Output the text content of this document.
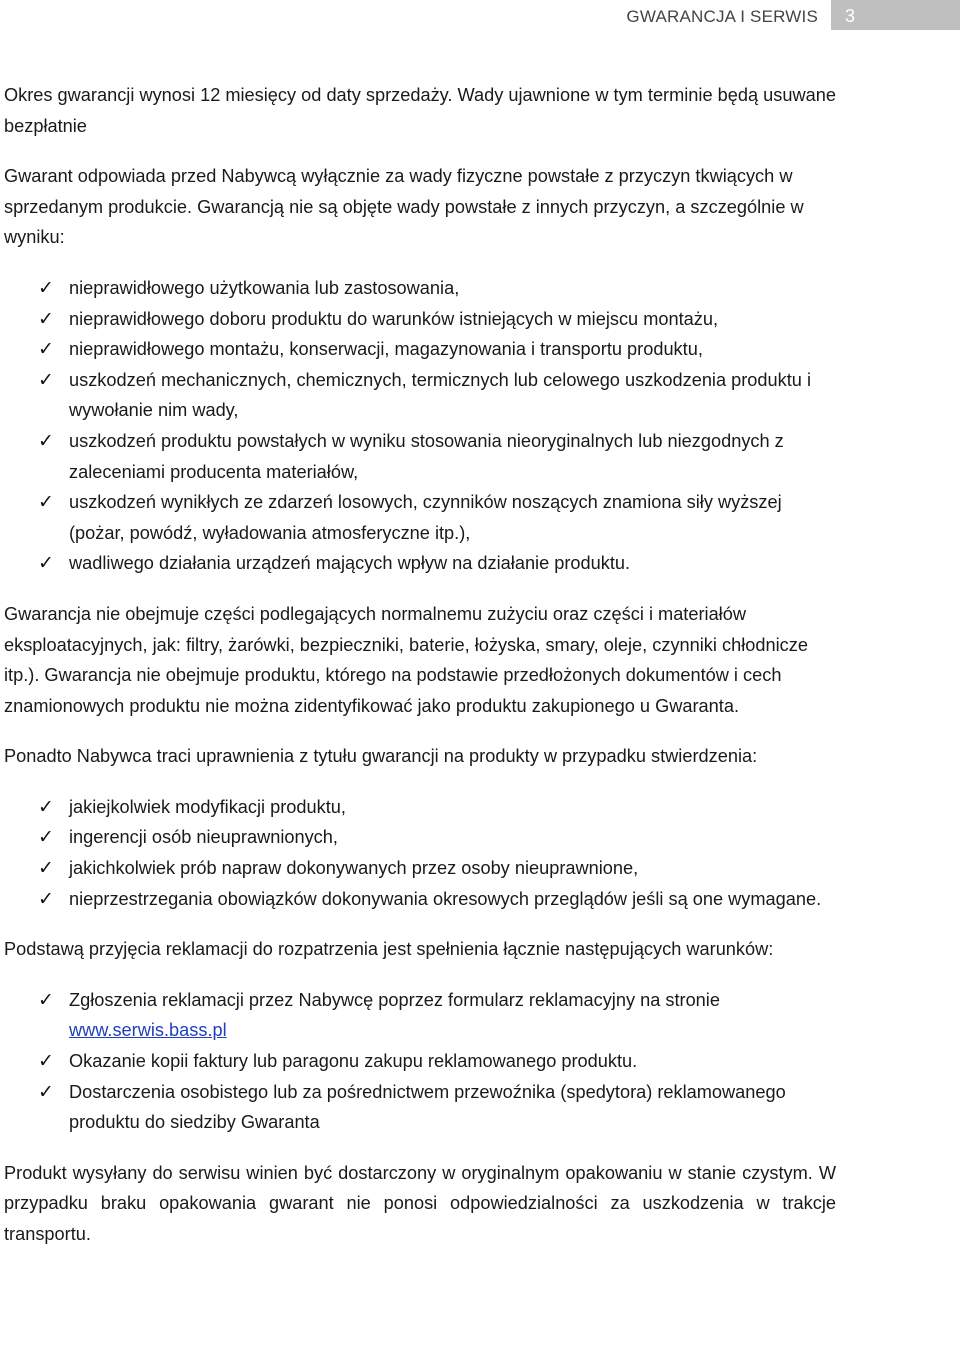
GWARANCJA I SERWIS	3

Okres gwarancji wynosi 12 miesięcy od daty sprzedaży. Wady ujawnione w tym terminie będą usuwane bezpłatnie

Gwarant odpowiada przed Nabywcą wyłącznie za wady fizyczne powstałe z przyczyn tkwiących w sprzedanym produkcie. Gwarancją nie są objęte wady powstałe z innych przyczyn, a szczególnie w wyniku:

✓ nieprawidłowego użytkowania lub zastosowania,
✓ nieprawidłowego doboru produktu do warunków istniejących w miejscu montażu,
✓ nieprawidłowego montażu, konserwacji, magazynowania i transportu produktu,
✓ uszkodzeń mechanicznych, chemicznych, termicznych lub celowego uszkodzenia produktu i wywołanie nim wady,
✓ uszkodzeń produktu powstałych w wyniku stosowania nieoryginalnych lub niezgodnych z zaleceniami producenta materiałów,
✓ uszkodzeń wynikłych ze zdarzeń losowych, czynników noszących znamiona siły wyższej (pożar, powódź, wyładowania atmosferyczne itp.),
✓ wadliwego działania urządzeń mających wpływ na działanie produktu.

Gwarancja nie obejmuje części podlegających normalnemu zużyciu oraz części i materiałów eksploatacyjnych, jak: filtry, żarówki, bezpieczniki, baterie, łożyska, smary, oleje, czynniki chłodnicze itp.). Gwarancja nie obejmuje produktu, którego na podstawie przedłożonych dokumentów i cech znamionowych produktu nie można zidentyfikować jako produktu zakupionego u Gwaranta.

Ponadto Nabywca traci uprawnienia z tytułu gwarancji na produkty w przypadku stwierdzenia:

✓ jakiejkolwiek modyfikacji produktu,
✓ ingerencji osób nieuprawnionych,
✓ jakichkolwiek prób napraw dokonywanych przez osoby nieuprawnione,
✓ nieprzestrzegania obowiązków dokonywania okresowych przeglądów jeśli są one wymagane.

Podstawą przyjęcia reklamacji do rozpatrzenia jest spełnienia łącznie następujących warunków:

✓ Zgłoszenia reklamacji przez Nabywcę poprzez formularz reklamacyjny na stronie www.serwis.bass.pl
✓ Okazanie kopii faktury lub paragonu zakupu reklamowanego produktu.
✓ Dostarczenia osobistego lub za pośrednictwem przewoźnika (spedytora) reklamowanego produktu do siedziby Gwaranta

Produkt wysyłany do serwisu winien być dostarczony w oryginalnym opakowaniu w stanie czystym. W przypadku braku opakowania gwarant nie ponosi odpowiedzialności za uszkodzenia w trakcje transportu.
